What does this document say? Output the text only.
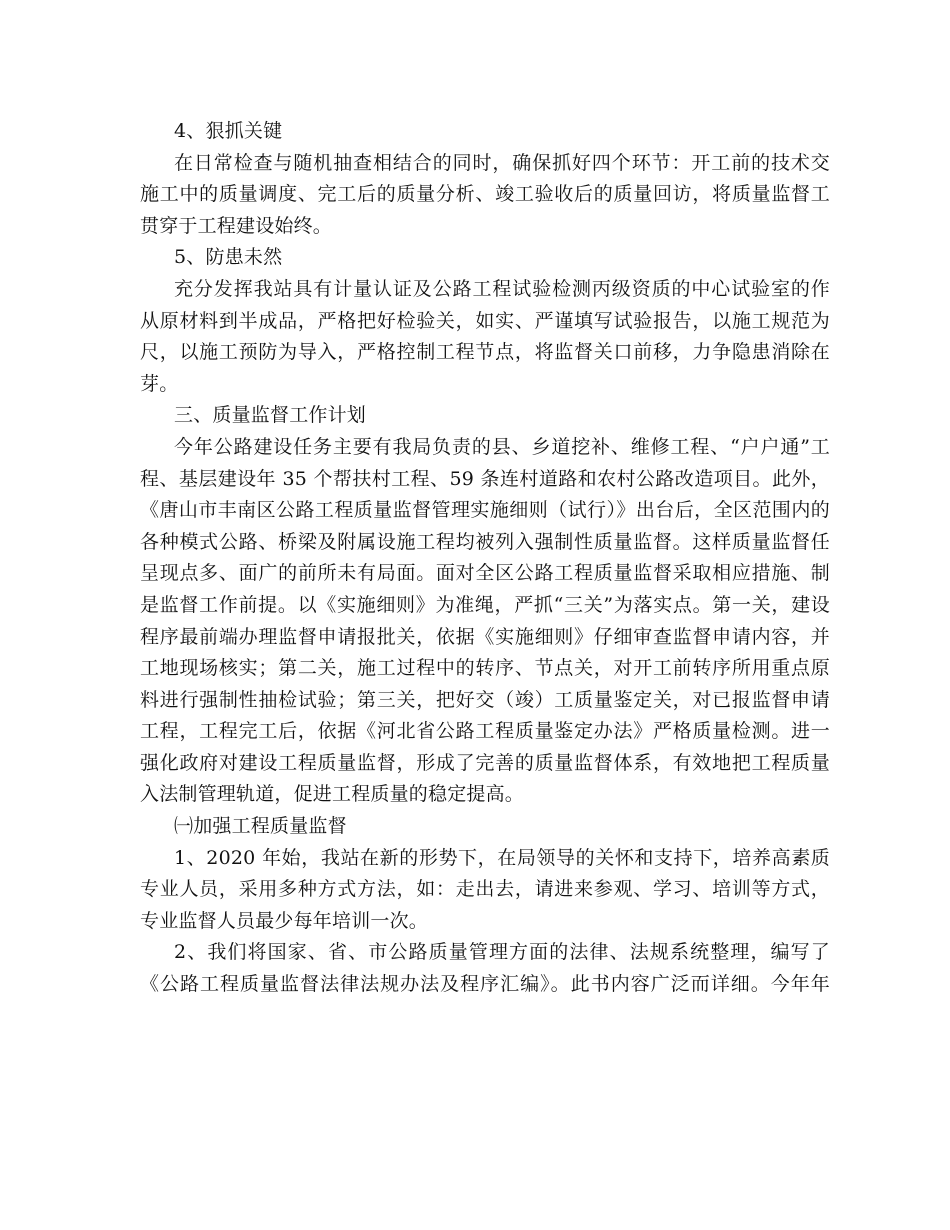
4、狠抓关键
在日常检查与随机抽查相结合的同时，确保抓好四个环节：开工前的技术交
施工中的质量调度、完工后的质量分析、竣工验收后的质量回访，将质量监督工
贯穿于工程建设始终。
5、防患未然
充分发挥我站具有计量认证及公路工程试验检测丙级资质的中心试验室的作
从原材料到半成品，严格把好检验关，如实、严谨填写试验报告，以施工规范为
尺，以施工预防为导入，严格控制工程节点，将监督关口前移，力争隐患消除在
芽。
三、质量监督工作计划
今年公路建设任务主要有我局负责的县、乡道挖补、维修工程、“户户通”工
程、基层建设年 35 个帮扶村工程、59 条连村道路和农村公路改造项目。此外，
《唐山市丰南区公路工程质量监督管理实施细则（试行）》出台后，全区范围内的
各种模式公路、桥梁及附属设施工程均被列入强制性质量监督。这样质量监督任
呈现点多、面广的前所未有局面。面对全区公路工程质量监督采取相应措施、制
是监督工作前提。以《实施细则》为准绳，严抓“三关”为落实点。第一关，建设
程序最前端办理监督申请报批关，依据《实施细则》仔细审查监督申请内容，并
工地现场核实；第二关，施工过程中的转序、节点关，对开工前转序所用重点原
料进行强制性抽检试验；第三关，把好交（竣）工质量鉴定关，对已报监督申请
工程，工程完工后，依据《河北省公路工程质量鉴定办法》严格质量检测。进一
强化政府对建设工程质量监督，形成了完善的质量监督体系，有效地把工程质量
入法制管理轨道，促进工程质量的稳定提高。
㈠加强工程质量监督
1、2020 年始，我站在新的形势下，在局领导的关怀和支持下，培养高素质
专业人员，采用多种方式方法，如：走出去，请进来参观、学习、培训等方式，
专业监督人员最少每年培训一次。
2、我们将国家、省、市公路质量管理方面的法律、法规系统整理，编写了
《公路工程质量监督法律法规办法及程序汇编》。此书内容广泛而详细。今年年
